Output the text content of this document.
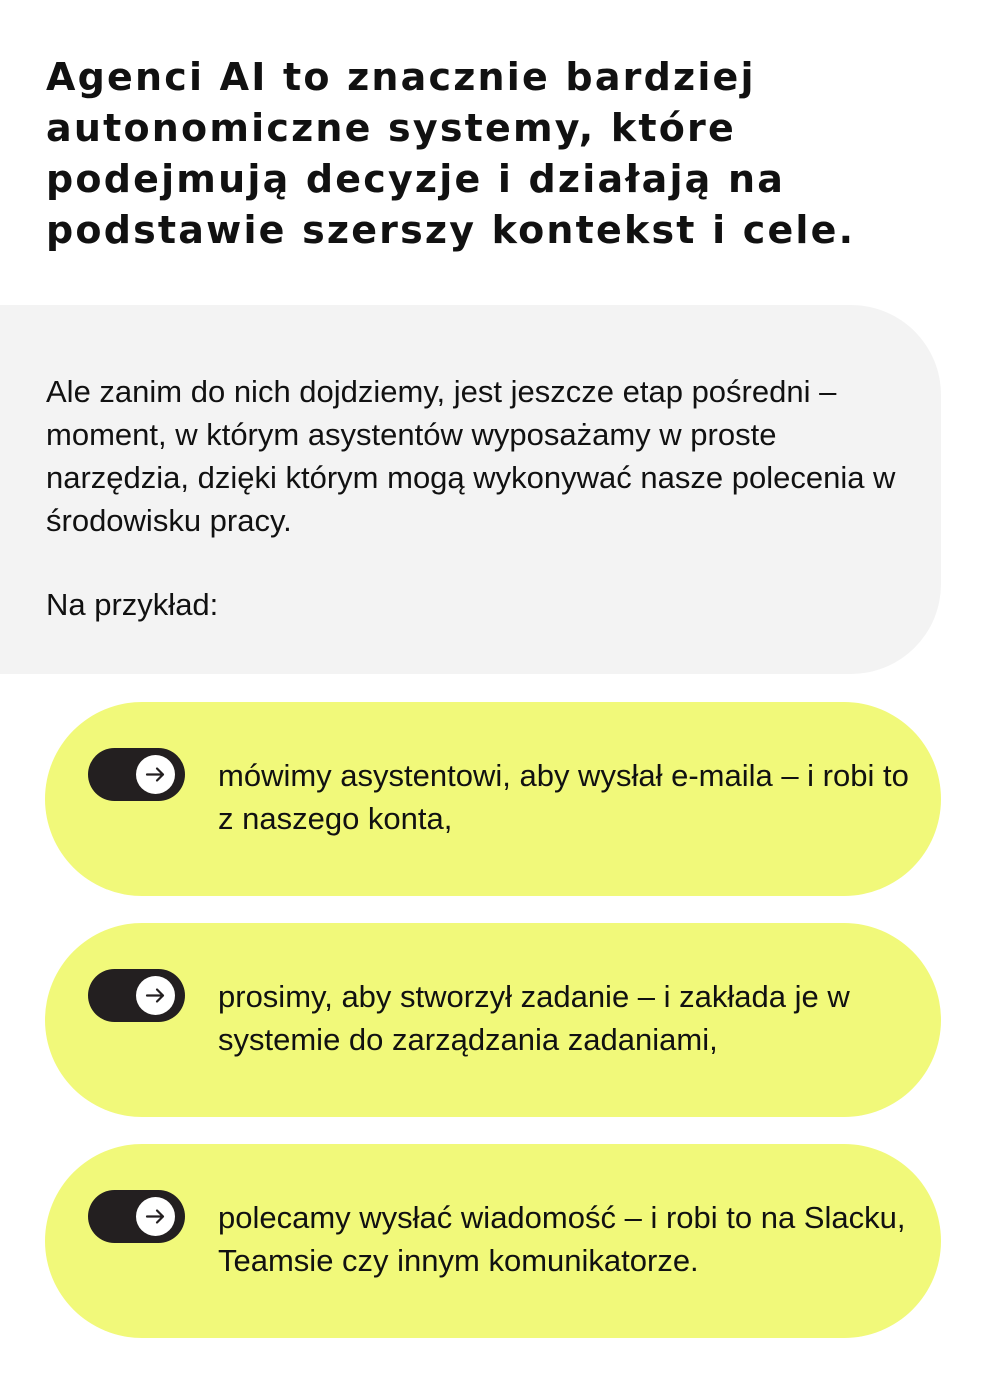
Agenci AI to znacznie bardziej autonomiczne systemy, które podejmują decyzje i działają na podstawie szerszy kontekst i cele.

Ale zanim do nich dojdziemy, jest jeszcze etap pośredni – moment, w którym asystentów wyposażamy w proste narzędzia, dzięki którym mogą wykonywać nasze polecenia w środowisku pracy.

Na przykład:

mówimy asystentowi, aby wysłał e-maila – i robi to z naszego konta,

prosimy, aby stworzył zadanie – i zakłada je w systemie do zarządzania zadaniami,

polecamy wysłać wiadomość – i robi to na Slacku, Teamsie czy innym komunikatorze.
